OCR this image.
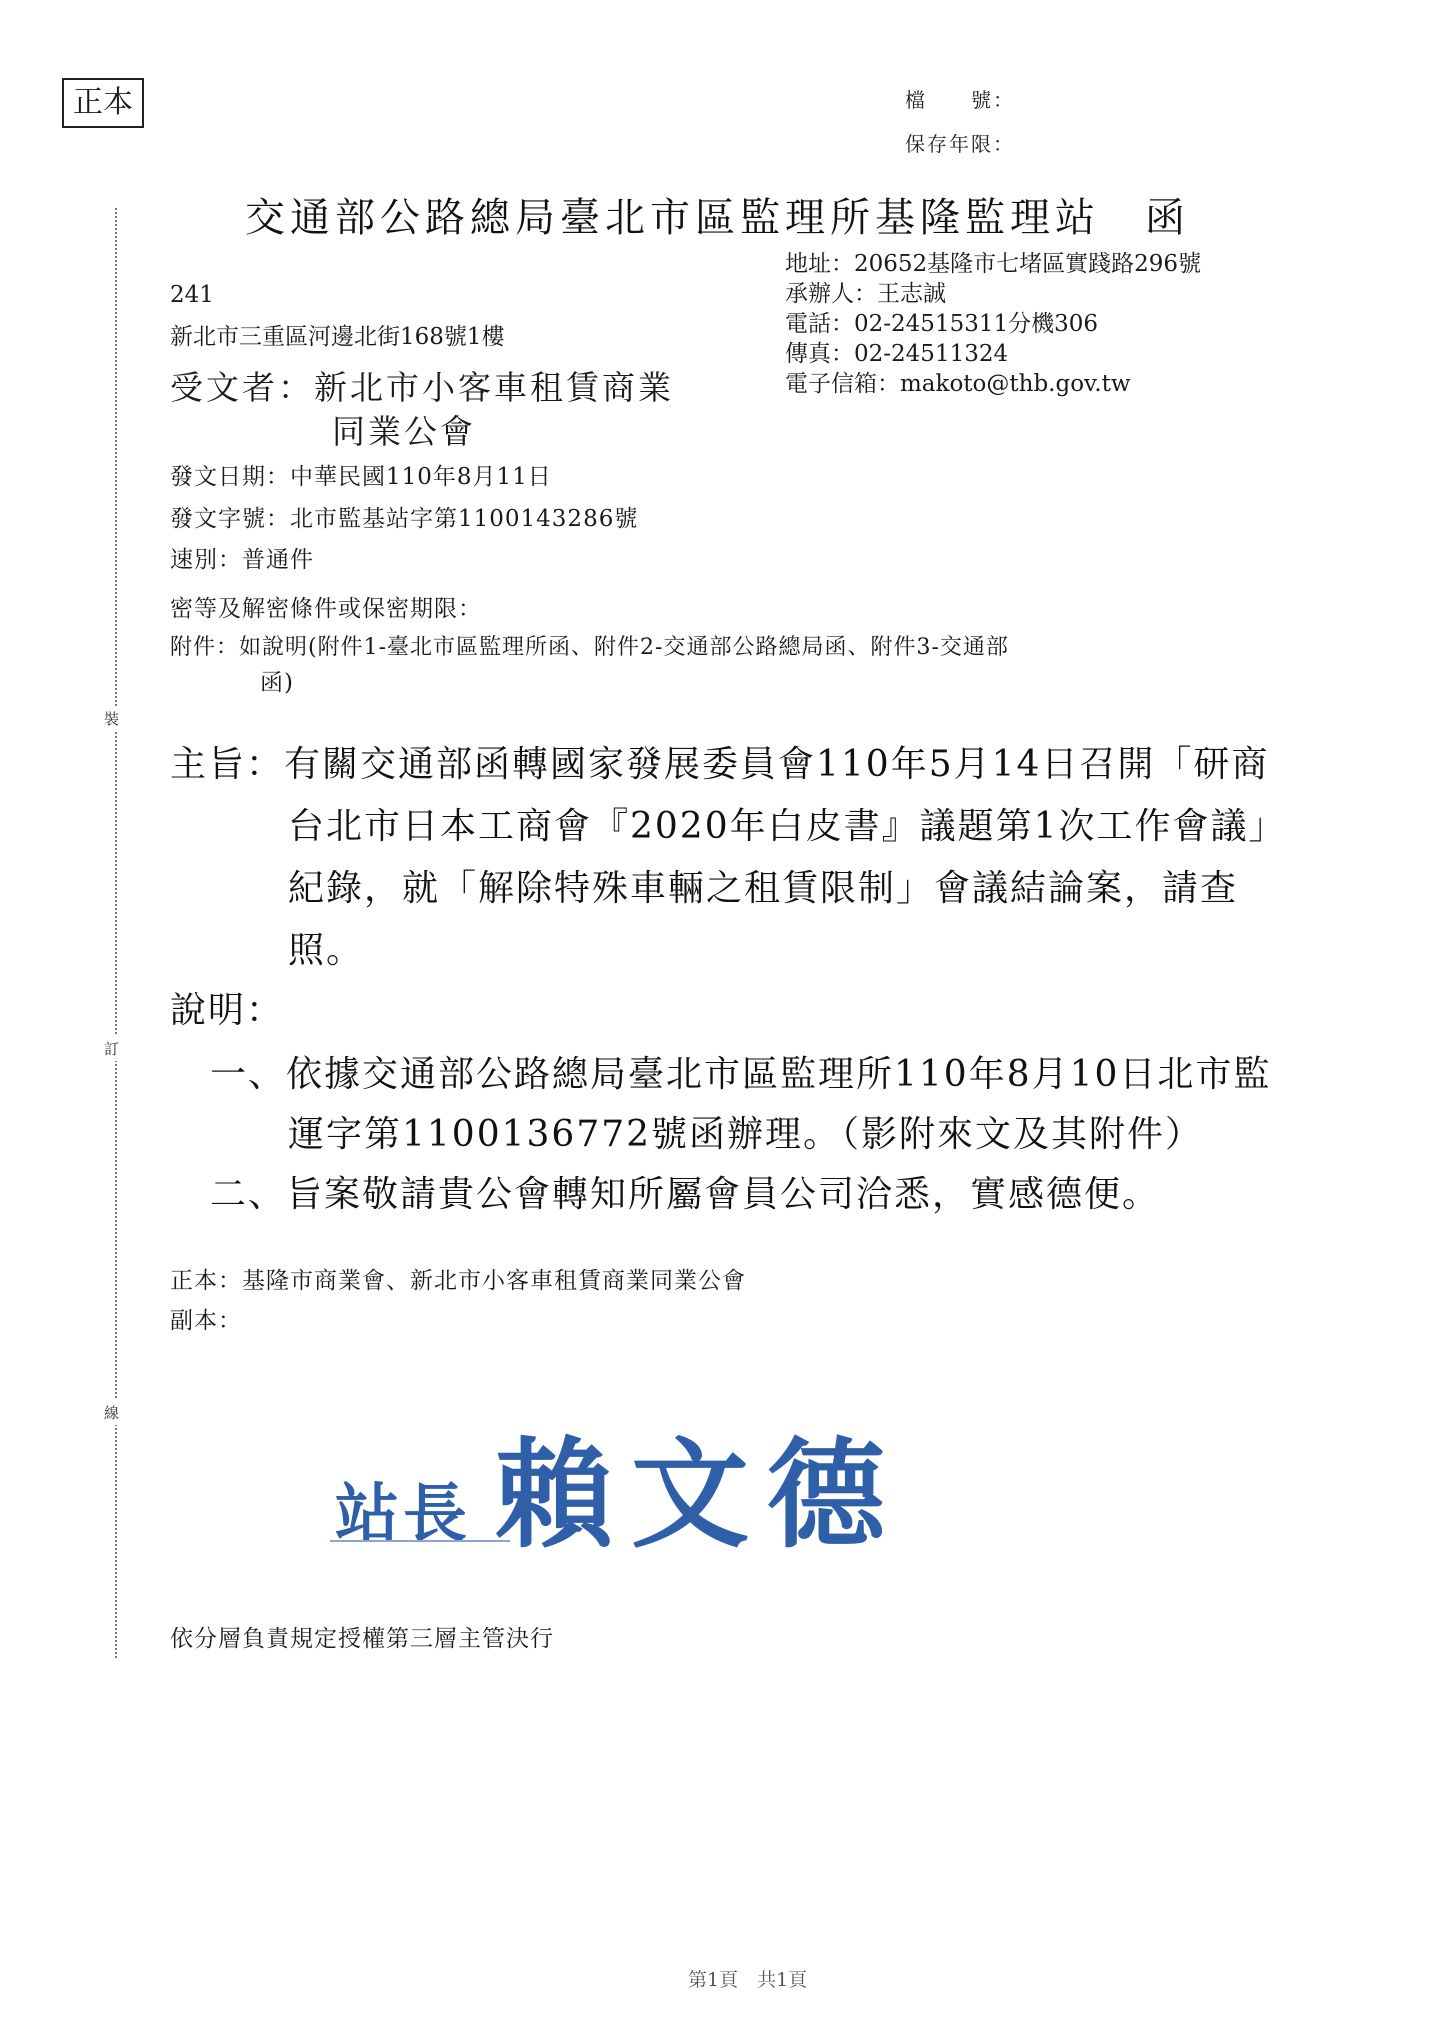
正本	檔　　號：
保存年限：
交通部公路總局臺北市區監理所基隆監理站　函
地址：20652基隆市七堵區實踐路296號
承辦人：王志誠
電話：02-24515311分機306
傳真：02-24511324
電子信箱：makoto@thb.gov.tw
裝
訂
線
241
新北市三重區河邊北街168號1樓
受文者：新北市小客車租賃商業
同業公會
發文日期：中華民國110年8月11日
發文字號：北市監基站字第1100143286號
速別：普通件
密等及解密條件或保密期限：
附件：如說明(附件1-臺北市區監理所函、附件2-交通部公路總局函、附件3-交通部
函)
主旨：有關交通部函轉國家發展委員會110年5月14日召開「研商
台北市日本工商會『2020年白皮書』議題第1次工作會議」
紀錄，就「解除特殊車輛之租賃限制」會議結論案，請查
照。
說明：
一、依據交通部公路總局臺北市區監理所110年8月10日北市監
運字第1100136772號函辦理。（影附來文及其附件）
二、旨案敬請貴公會轉知所屬會員公司洽悉，實感德便。
正本：基隆市商業會、新北市小客車租賃商業同業公會
副本：
站長 賴文德
依分層負責規定授權第三層主管決行
第1頁　共1頁
